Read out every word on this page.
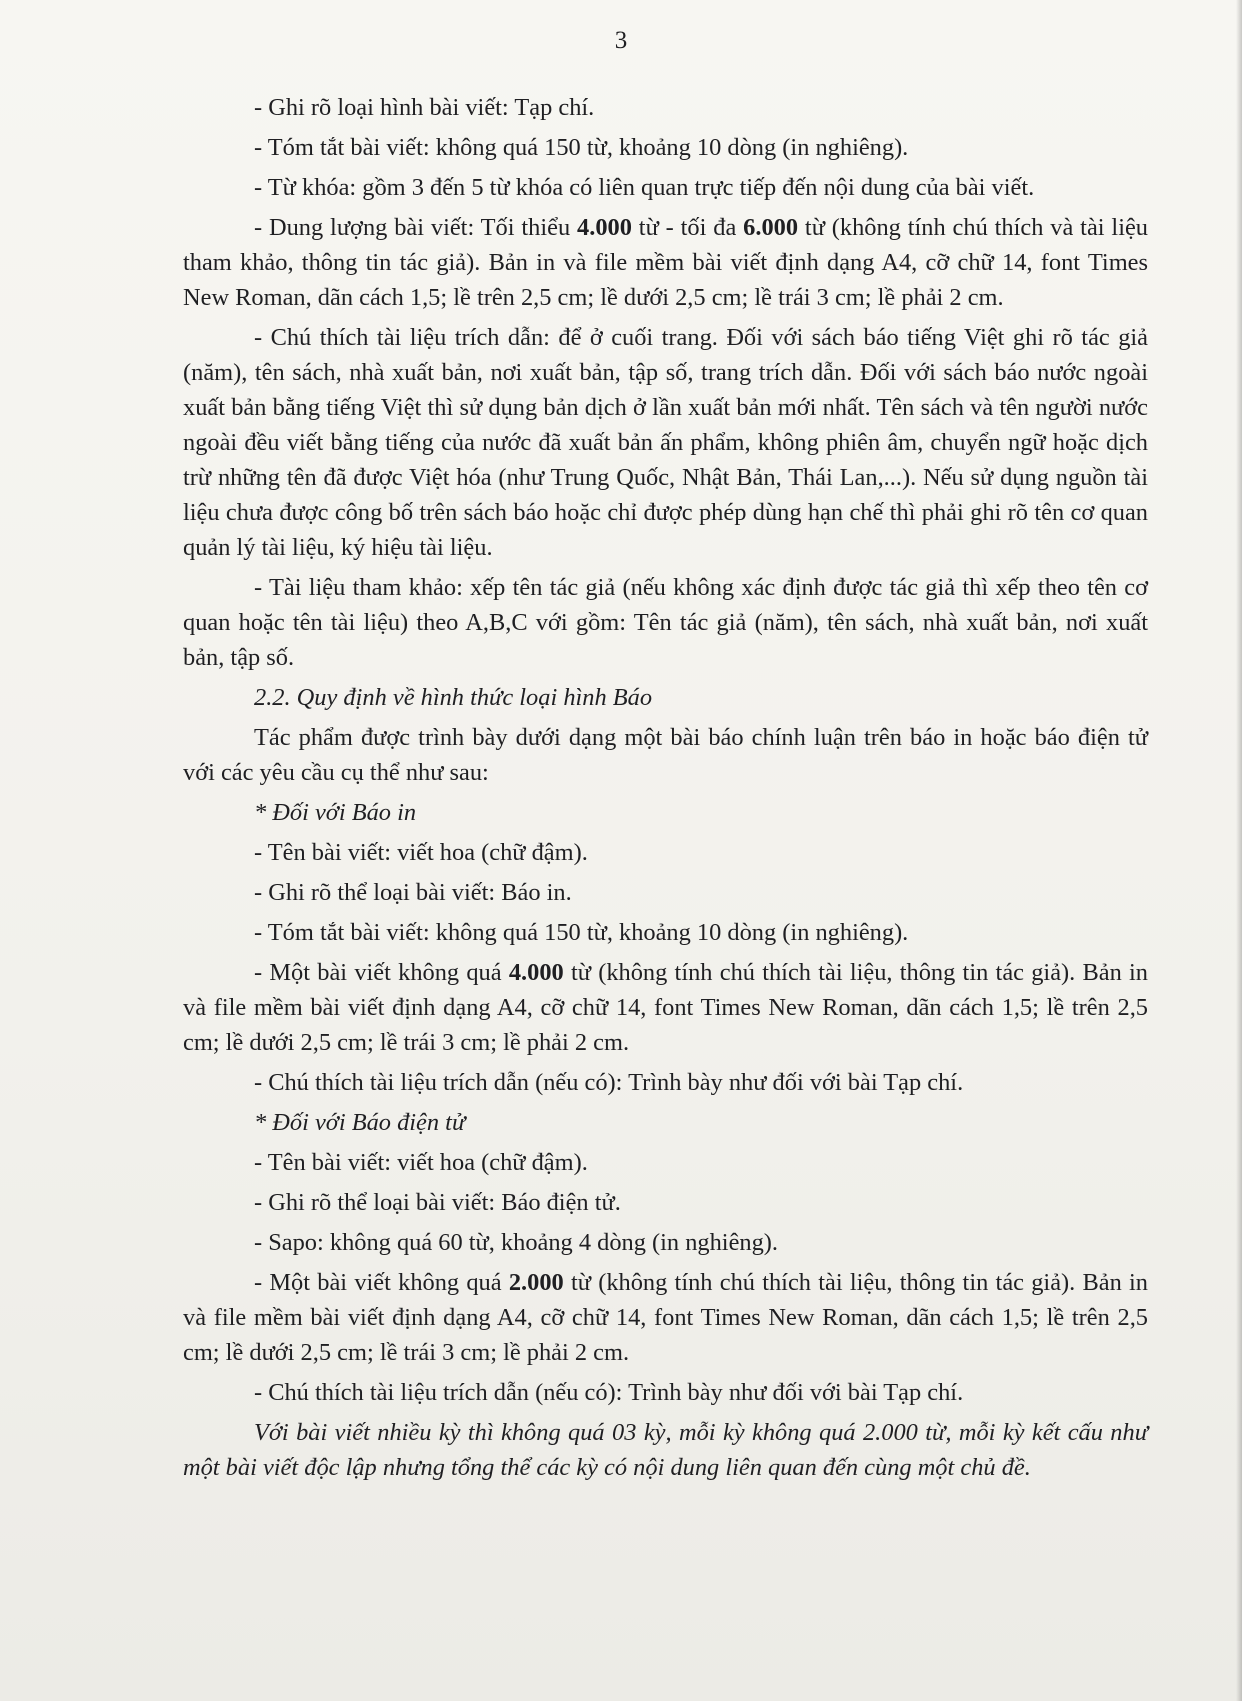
3

- Ghi rõ loại hình bài viết: Tạp chí.

- Tóm tắt bài viết: không quá 150 từ, khoảng 10 dòng (in nghiêng).

- Từ khóa: gồm 3 đến 5 từ khóa có liên quan trực tiếp đến nội dung của bài viết.

- Dung lượng bài viết: Tối thiểu 4.000 từ - tối đa 6.000 từ (không tính chú thích và tài liệu tham khảo, thông tin tác giả). Bản in và file mềm bài viết định dạng A4, cỡ chữ 14, font Times New Roman, dãn cách 1,5; lề trên 2,5 cm; lề dưới 2,5 cm; lề trái 3 cm; lề phải 2 cm.

- Chú thích tài liệu trích dẫn: để ở cuối trang. Đối với sách báo tiếng Việt ghi rõ tác giả (năm), tên sách, nhà xuất bản, nơi xuất bản, tập số, trang trích dẫn. Đối với sách báo nước ngoài xuất bản bằng tiếng Việt thì sử dụng bản dịch ở lần xuất bản mới nhất. Tên sách và tên người nước ngoài đều viết bằng tiếng của nước đã xuất bản ấn phẩm, không phiên âm, chuyển ngữ hoặc dịch trừ những tên đã được Việt hóa (như Trung Quốc, Nhật Bản, Thái Lan,...). Nếu sử dụng nguồn tài liệu chưa được công bố trên sách báo hoặc chỉ được phép dùng hạn chế thì phải ghi rõ tên cơ quan quản lý tài liệu, ký hiệu tài liệu.

- Tài liệu tham khảo: xếp tên tác giả (nếu không xác định được tác giả thì xếp theo tên cơ quan hoặc tên tài liệu) theo A,B,C với gồm: Tên tác giả (năm), tên sách, nhà xuất bản, nơi xuất bản, tập số.

2.2. Quy định về hình thức loại hình Báo

Tác phẩm được trình bày dưới dạng một bài báo chính luận trên báo in hoặc báo điện tử với các yêu cầu cụ thể như sau:

* Đối với Báo in

- Tên bài viết: viết hoa (chữ đậm).

- Ghi rõ thể loại bài viết: Báo in.

- Tóm tắt bài viết: không quá 150 từ, khoảng 10 dòng (in nghiêng).

- Một bài viết không quá 4.000 từ (không tính chú thích tài liệu, thông tin tác giả). Bản in và file mềm bài viết định dạng A4, cỡ chữ 14, font Times New Roman, dãn cách 1,5; lề trên 2,5 cm; lề dưới 2,5 cm; lề trái 3 cm; lề phải 2 cm.

- Chú thích tài liệu trích dẫn (nếu có): Trình bày như đối với bài Tạp chí.

* Đối với Báo điện tử

- Tên bài viết: viết hoa (chữ đậm).

- Ghi rõ thể loại bài viết: Báo điện tử.

- Sapo: không quá 60 từ, khoảng 4 dòng (in nghiêng).

- Một bài viết không quá 2.000 từ (không tính chú thích tài liệu, thông tin tác giả). Bản in và file mềm bài viết định dạng A4, cỡ chữ 14, font Times New Roman, dãn cách 1,5; lề trên 2,5 cm; lề dưới 2,5 cm; lề trái 3 cm; lề phải 2 cm.

- Chú thích tài liệu trích dẫn (nếu có): Trình bày như đối với bài Tạp chí.

Với bài viết nhiều kỳ thì không quá 03 kỳ, mỗi kỳ không quá 2.000 từ, mỗi kỳ kết cấu như một bài viết độc lập nhưng tổng thể các kỳ có nội dung liên quan đến cùng một chủ đề.
